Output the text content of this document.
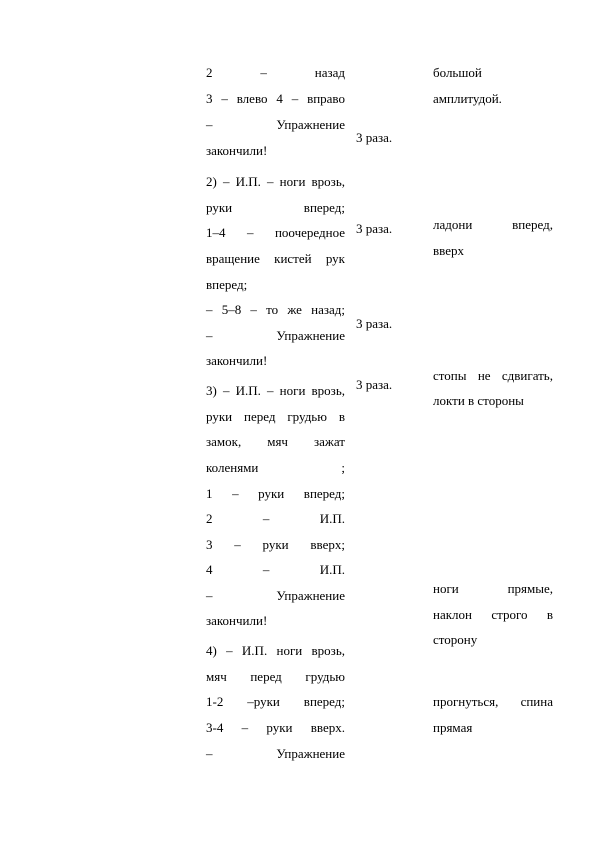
2 – назад
3 – влево 4 – вправо
– Упражнение
закончили!
2) – И.П. – ноги врозь,
руки вперед;
1–4 – поочередное
вращение кистей рук
вперед;
– 5–8 – то же назад;
– Упражнение
закончили!
3) – И.П. – ноги врозь,
руки перед грудью в
замок, мяч зажат
коленями ;
1 – руки вперед;
2 – И.П.
3 – руки вверх;
4 – И.П.
– Упражнение
закончили!
4) – И.П. ноги врозь,
мяч перед грудью
1-2 –руки вперед;
3-4 – руки вверх.
– Упражнение
3 раза.
3 раза.
3 раза.
3 раза.
большой
амплитудой.
ладони вперед,
вверх
стопы не сдвигать,
локти в стороны
ноги прямые,
наклон строго в
сторону
прогнуться, спина
прямая
